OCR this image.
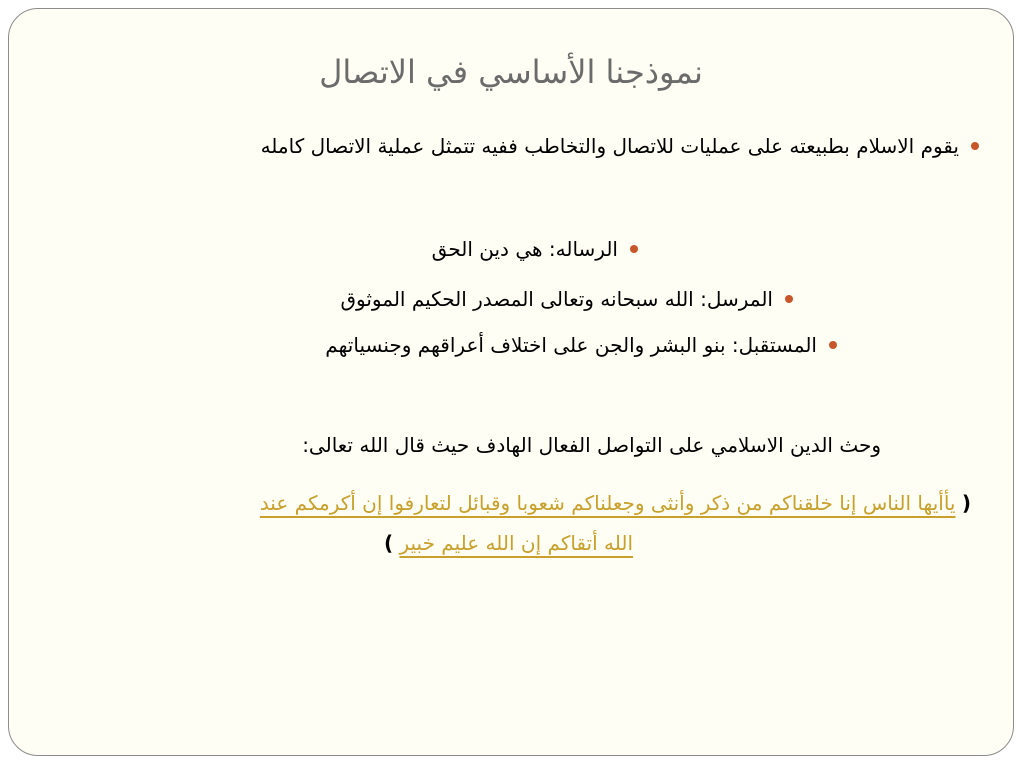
نموذجنا الأساسي في الاتصال
يقوم الاسلام بطبيعته على عمليات للاتصال والتخاطب ففيه تتمثل عملية الاتصال كامله
الرساله: هي دين الحق
المرسل: الله سبحانه وتعالى المصدر الحكيم الموثوق
المستقبل: بنو البشر والجن على اختلاف أعراقهم وجنسياتهم
وحث الدين الاسلامي على التواصل الفعال الهادف حيث قال الله تعالى:
( يأأيها الناس إنا خلقناكم من ذكر وأنثى وجعلناكم شعوبا وقبائل لتعارفوا إن أكرمكم عند
الله أتقاكم إن الله عليم خبير )
